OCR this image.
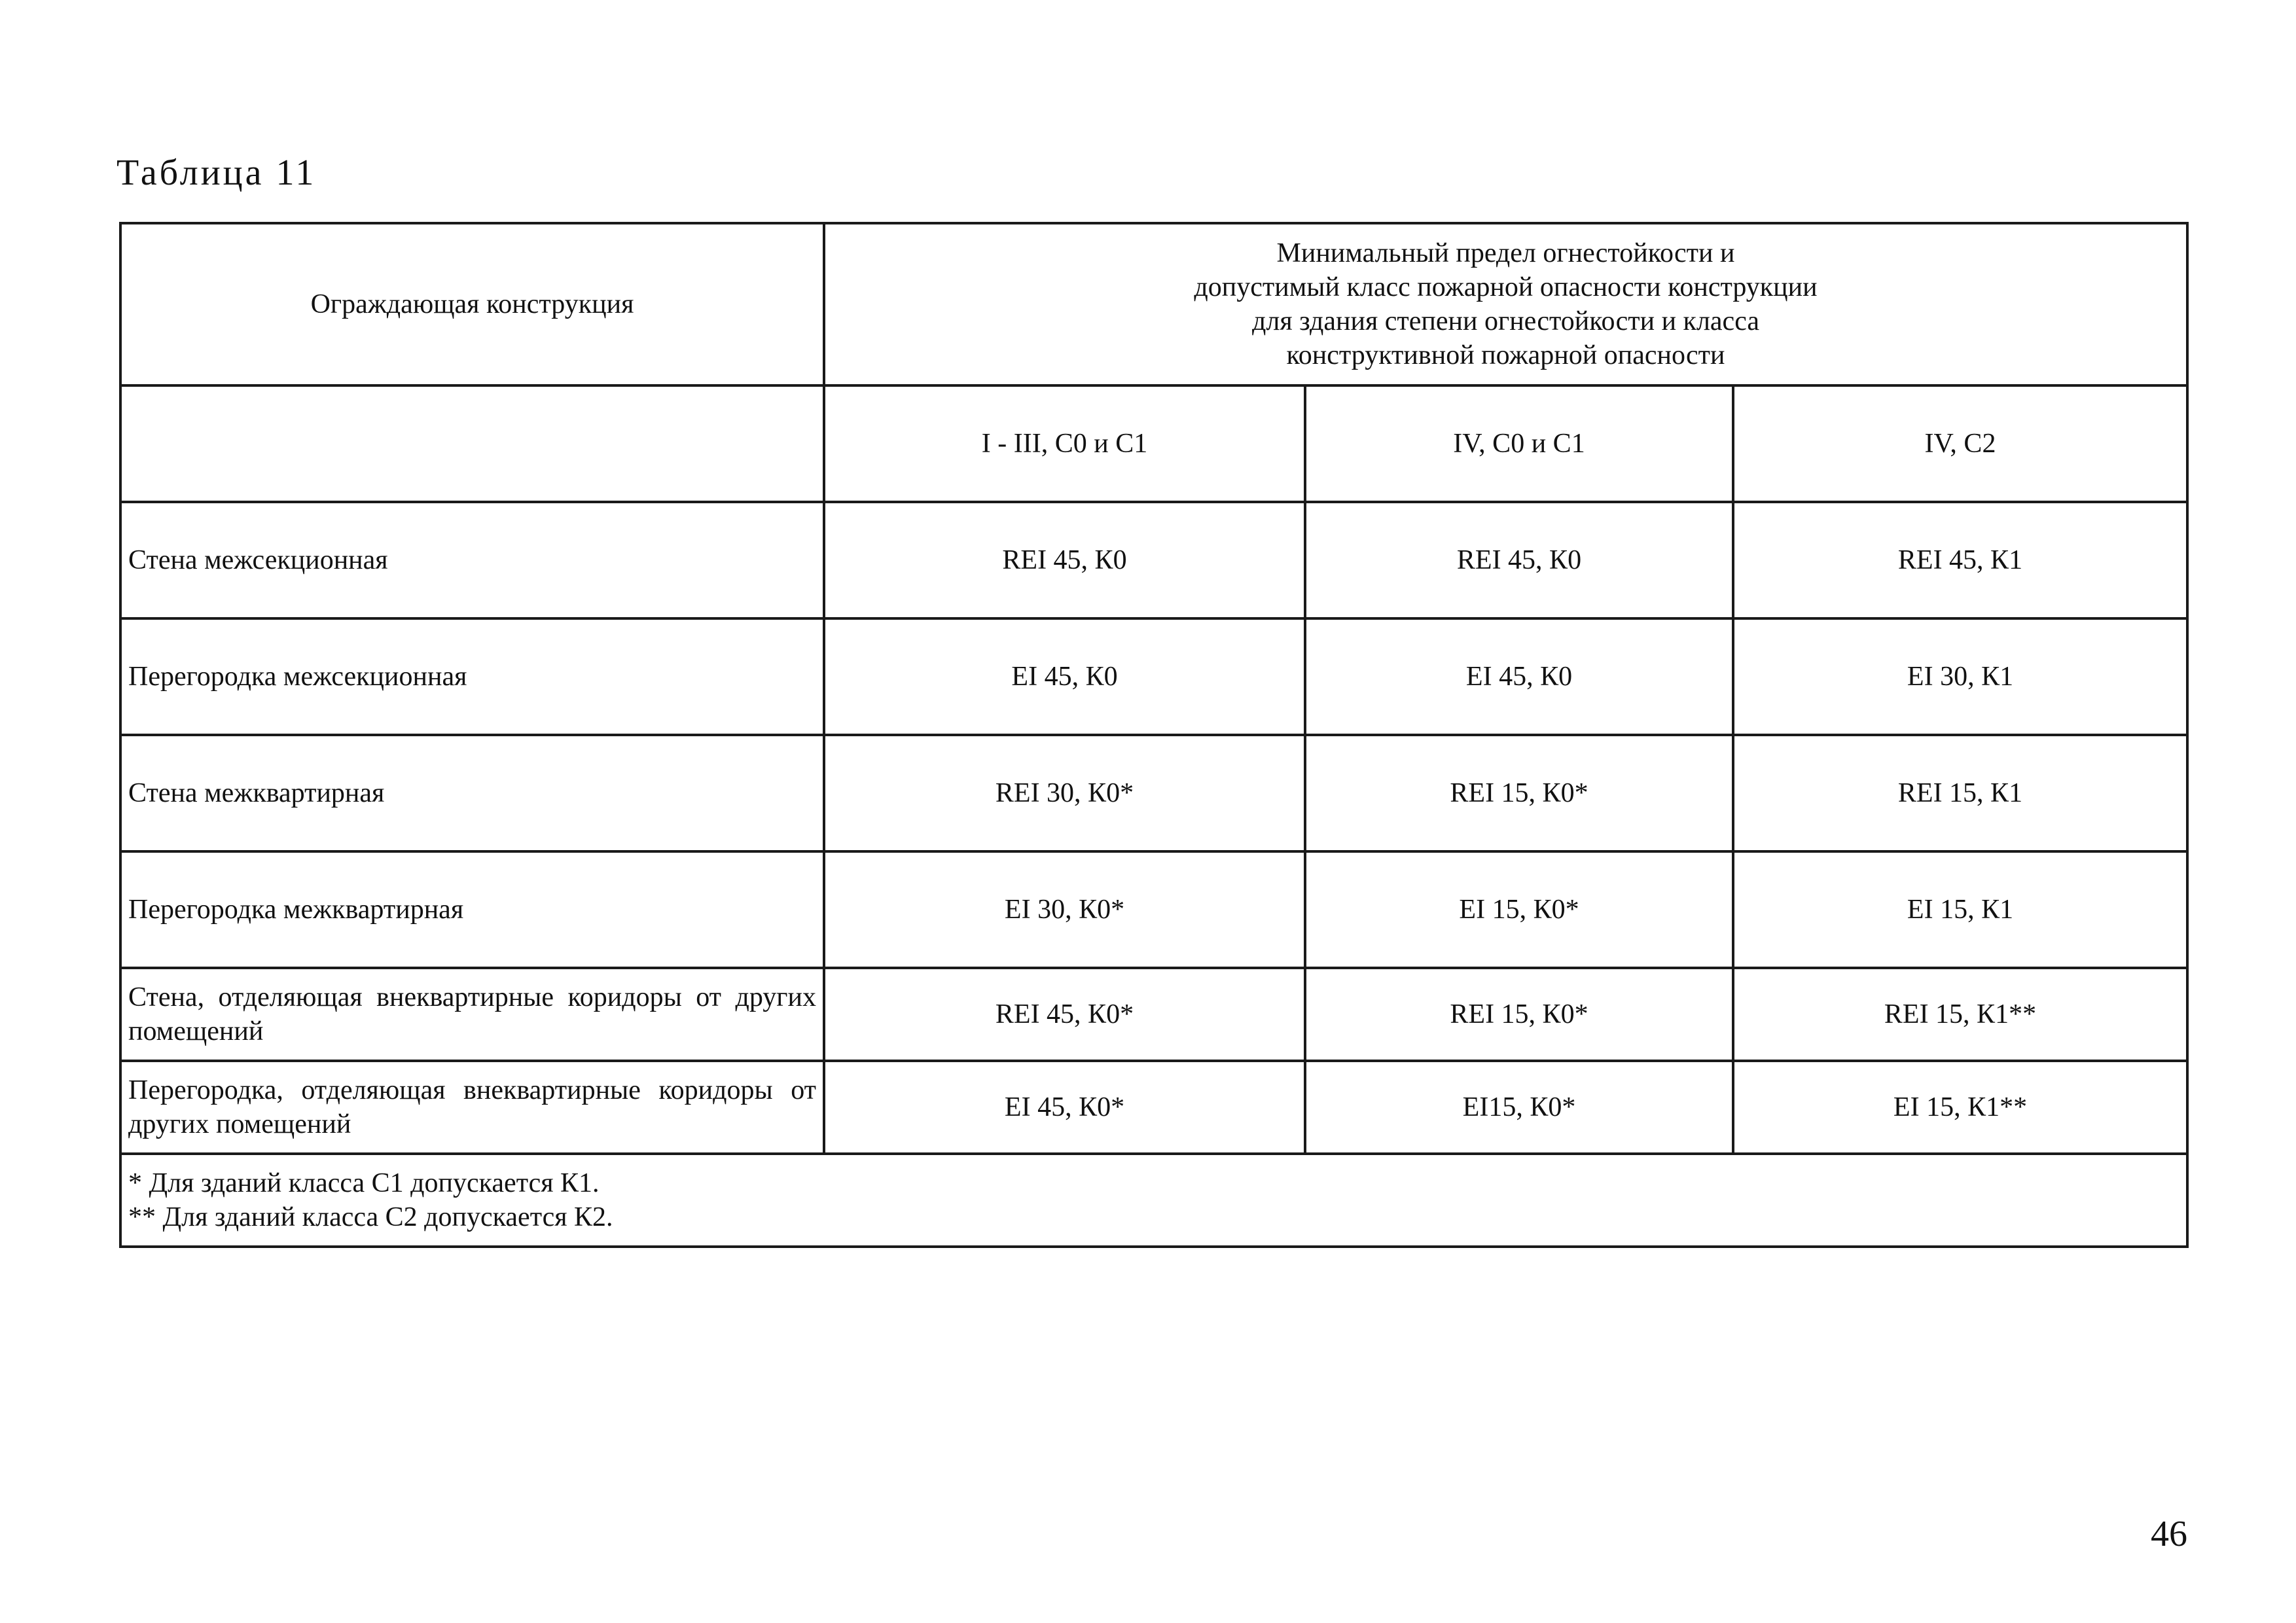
Таблица 11
Ограждающая конструкция	Минимальный предел огнестойкости и
допустимый класс пожарной опасности конструкции
для здания степени огнестойкости и класса
конструктивной пожарной опасности		

	I - III, С0 и С1	IV, С0 и С1	IV, С2
Стена межсекционная	REI 45, К0	REI 45, К0	REI 45, К1
Перегородка межсекционная	EI 45, К0	EI 45, К0	EI 30, К1
Стена межквартирная	REI 30, К0*	REI 15, К0*	REI 15, К1
Перегородка межквартирная	EI 30, К0*	EI 15, К0*	EI 15, К1
Стена, отделяющая внеквартирные коридоры от других помещений	REI 45, К0*	REI 15, К0*	REI 15, К1**
Перегородка, отделяющая внеквартирные коридоры от других помещений	EI 45, К0*	EI15, К0*	EI 15, К1**

* Для зданий класса С1 допускается К1.
** Для зданий класса С2 допускается К2.			
46
